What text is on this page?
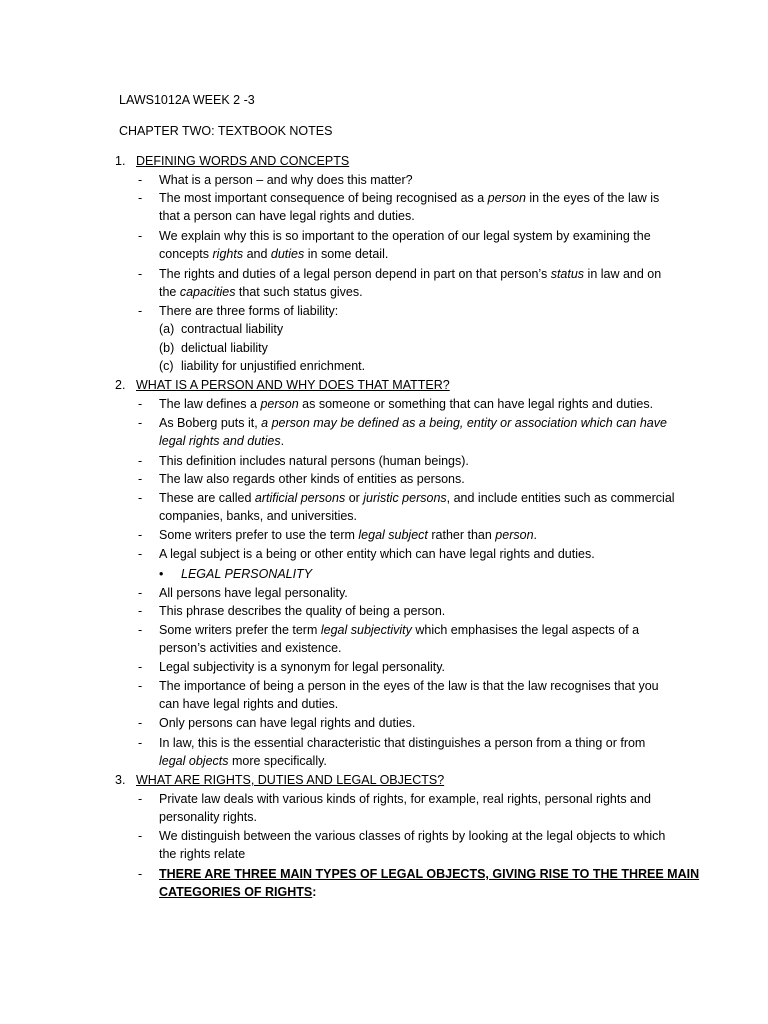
LAWS1012A WEEK 2 -3
CHAPTER TWO: TEXTBOOK NOTES
1. DEFINING WORDS AND CONCEPTS
- What is a person – and why does this matter?
- The most important consequence of being recognised as a person in the eyes of the law is
that a person can have legal rights and duties.
- We explain why this is so important to the operation of our legal system by examining the
concepts rights and duties in some detail.
- The rights and duties of a legal person depend in part on that person’s status in law and on
the capacities that such status gives.
- There are three forms of liability:
(a) contractual liability
(b) delictual liability
(c) liability for unjustified enrichment.
2. WHAT IS A PERSON AND WHY DOES THAT MATTER?
- The law defines a person as someone or something that can have legal rights and duties.
- As Boberg puts it, a person may be defined as a being, entity or association which can have
legal rights and duties.
- This definition includes natural persons (human beings).
- The law also regards other kinds of entities as persons.
- These are called artificial persons or juristic persons, and include entities such as commercial
companies, banks, and universities.
- Some writers prefer to use the term legal subject rather than person.
- A legal subject is a being or other entity which can have legal rights and duties.
• LEGAL PERSONALITY
- All persons have legal personality.
- This phrase describes the quality of being a person.
- Some writers prefer the term legal subjectivity which emphasises the legal aspects of a
person’s activities and existence.
- Legal subjectivity is a synonym for legal personality.
- The importance of being a person in the eyes of the law is that the law recognises that you
can have legal rights and duties.
- Only persons can have legal rights and duties.
- In law, this is the essential characteristic that distinguishes a person from a thing or from
legal objects more specifically.
3. WHAT ARE RIGHTS, DUTIES AND LEGAL OBJECTS?
- Private law deals with various kinds of rights, for example, real rights, personal rights and
personality rights.
- We distinguish between the various classes of rights by looking at the legal objects to which
the rights relate
- THERE ARE THREE MAIN TYPES OF LEGAL OBJECTS, GIVING RISE TO THE THREE MAIN
CATEGORIES OF RIGHTS:
